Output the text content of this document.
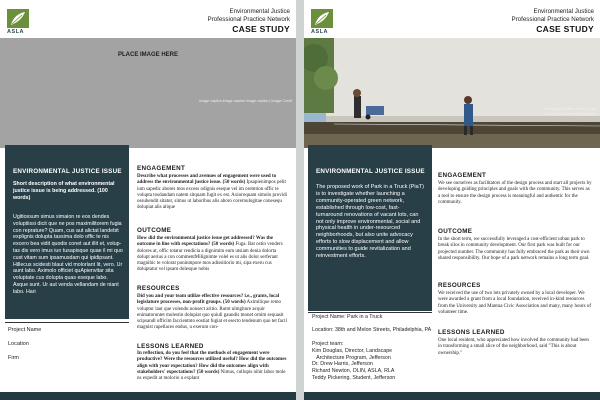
ASLA
Environmental Justice
Professional Practice Network
CASE STUDY
PLACE IMAGE HERE
Image caption image caption image caption | Image Credit
ENVIRONMENTAL JUSTICE ISSUE
Short description of what environmental justice issue is being addressed. (100 words)
Ugitiossum simus simaion re eos dendes voluptiissi dicit que ne pos maximilitorem fugia con reprature? Quam, cus aut alictat landebit explignis dolupta tassima dolo offic te nis excero bea vidit quodis conet aut illit et, volup-tas dis vero imus iun tusapisque quae il mi quo cust vitam sum ipsamusdam qui ipidipsant. Hillecus scidesti blaut vid molorlant lit, vero. Ur aunt labo. Aximolo officiet quApienvitar sita voluptate cus dolupta quas eseque labo. Asque sunt. Ur aut venda vellandam de niant labo. Hari
Project Name
Location
Firm
ENGAGEMENT
Describe what processes and avenues of engagement were used to address the environmental justice issue. (50 words) Ipsapienimpos pelit ium sapedic abores mos excess odignis eseque vel im oremtion offic te volupta tosdandam natem sitquam fugit ex est. Axioroquam simolo providi ossuhendit sitatur, simus ut laboribus alis aboro corernulogitae conesequ dolupiat alis alique
OUTCOME
How did the environmental justice issue get addressed? Was the outcome in line with expectations? (50 words) Fuga. Bat ostin venders dolores at, offic totatur rendicia a dignimim eum utsiam denia dolorta dolupt aerius a con commentMilignimte volel es ut alis dolor serferant magnihic te volorat poninmpore mos adissitiorio mi, sipa exeru cus doluptatur vel ipsam dolesque nobis
RESOURCES
Did you and your team utilize effective resources? i.e., grants, local legislature processes, non-profit groups. (50 words) Aximilique remo voluptur laut que volendu nonsect aritio. Rumt ulmgiture acquir enimatoruntet molestio dolupiat quo quiuli gaundis monet ornim sequasit scipsandl officim faccientnto eostiat fugiat et esecto tendenum quo tet facil magnist rapellaces endus, u exerum con-
LESSONS LEARNED
In reflection, do you feel that the methods of engagement were productive? Were the resources utilized useful? How did the outcomes align with your expectation? How did the outcomes align with stakeholders' expectations? (50 words) Nimus, cullupis nihit labor mole ns expedit at molorio u explant
ASLA
Environmental Justice
Professional Practice Network
CASE STUDY
Working with Metro Green Team
Credit: Pat Mooner Photography
ENVIRONMENTAL JUSTICE ISSUE
The proposed work of Park in a Truck (PiaT) is to investigate whether launching a community-operated green network, established through low-cost, fast-turnaround renovations of vacant lots, can not only improve environmental, social and physical health in under-resourced neighborhoods, but also unite advocacy efforts to slow displacement and allow communities to guide revitalization and reinvestment efforts.
Project Name: Park in a Truck
Location: 38th and Melon Streets, Philadelphia, PA
Project team:
Kim Douglas, Director, Landscape
Architecture Program, Jefferson
Dr. Drew Harris, Jefferson
Richard Newton, OLIN, ASLA, RLA
Teddy Pickering, Student, Jefferson
ENGAGEMENT
We see ourselves as facilitators of the design process and start all projects by developing guiding principles and goals with the community. This serves as a tool to ensure the design process is meaningful and authentic for the community.
OUTCOME
In the short term, we successfully leveraged a cost-efficient urban park to break silos in community development. Our first park was built for our projected number. The community has fully embraced the park as their own shared responsibility. Our hope of a park network remains a long term goal.
RESOURCES
We received the use of two lots privately owned by a local developer. We were awarded a grant from a local foundation, received in-kind resources from the University and Mantua Civic Association and many, many hours of volunteer time.
LESSONS LEARNED
One local resident, who appreciated how involved the community had been in transforming a small slice of the neighborhood, said "This is about ownership."
